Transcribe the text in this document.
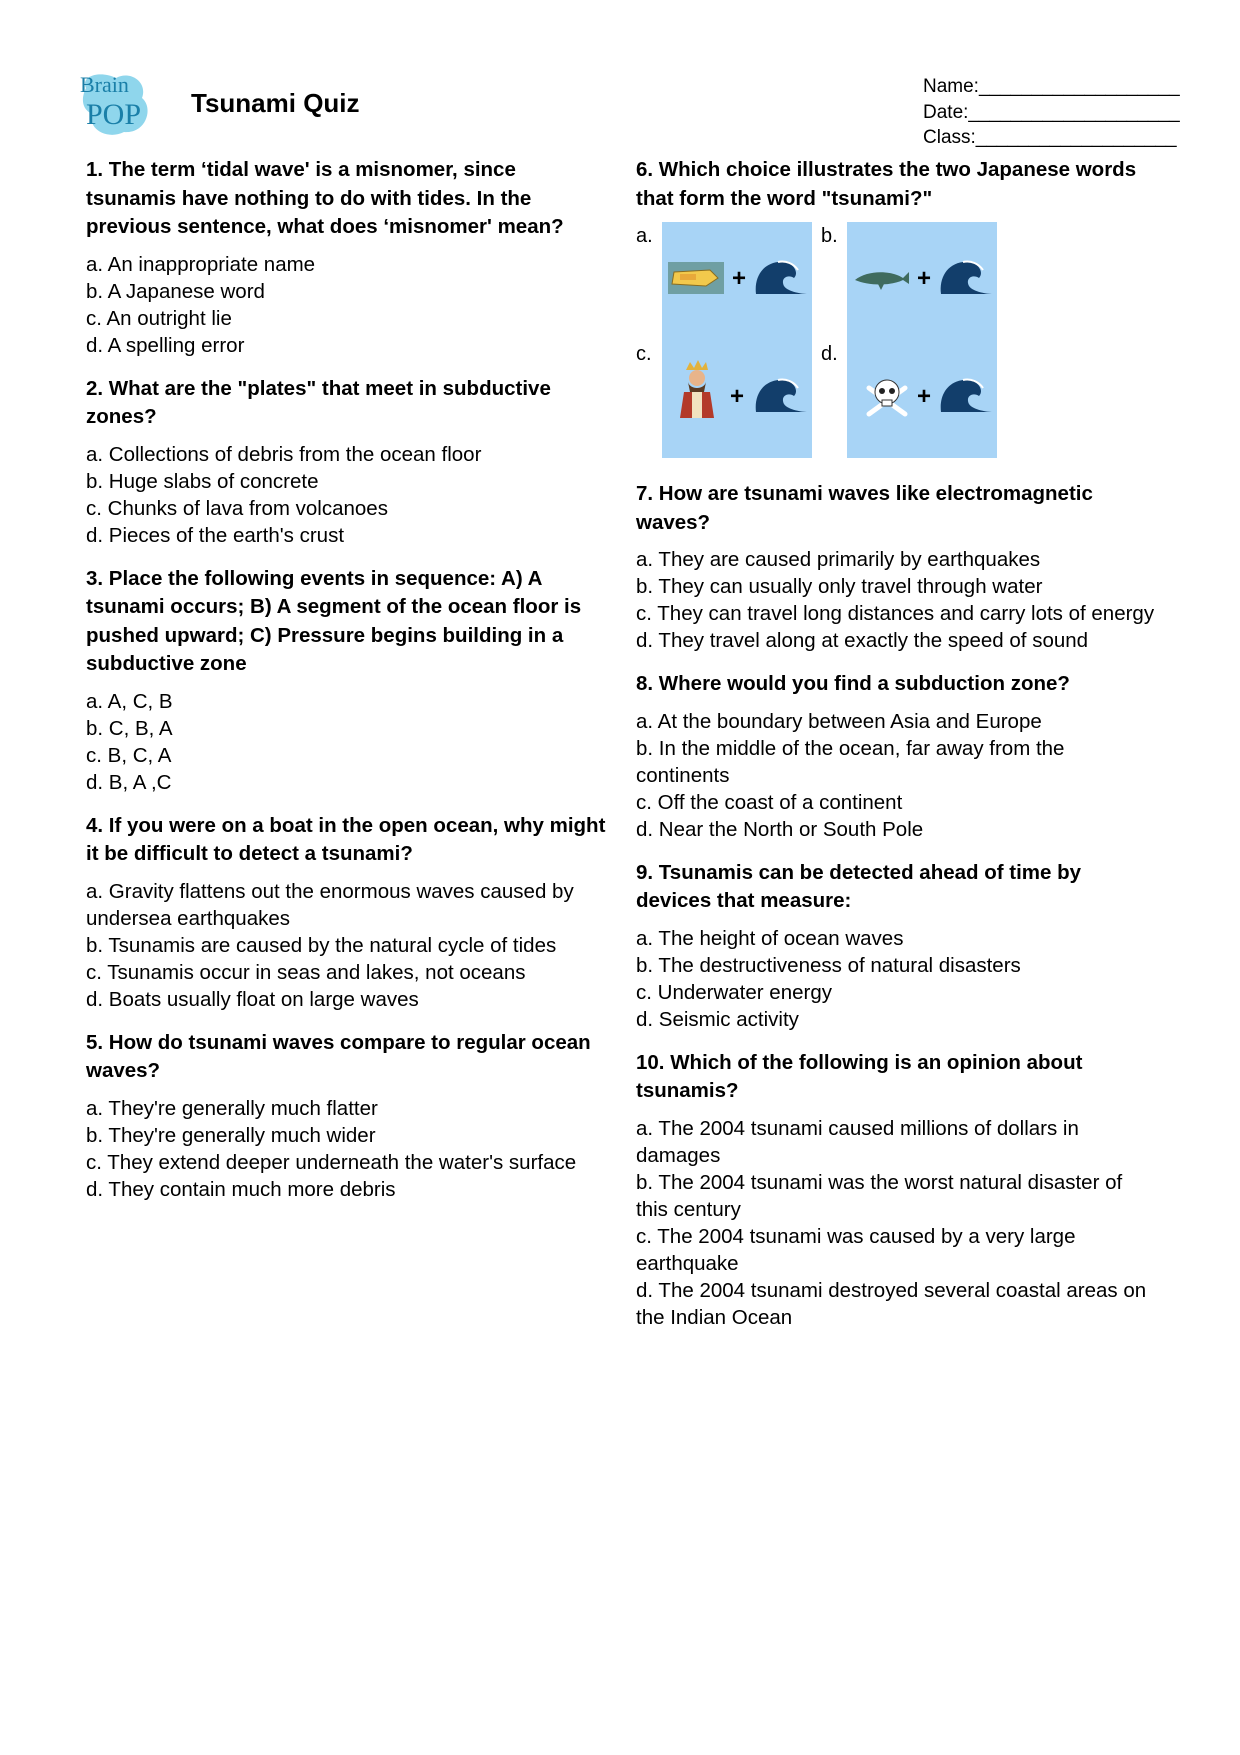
Brain
POP Tsunami Quiz
Name:___________________
Date:____________________
Class:___________________
1. The term ‘tidal wave' is a misnomer, since tsunamis have nothing to do with tides. In the previous sentence, what does ‘misnomer' mean?
a. An inappropriate name
b. A Japanese word
c. An outright lie
d. A spelling error
2. What are the "plates" that meet in subductive zones?
a. Collections of debris from the ocean floor
b. Huge slabs of concrete
c. Chunks of lava from volcanoes
d. Pieces of the earth's crust
3. Place the following events in sequence: A) A tsunami occurs; B) A segment of the ocean floor is pushed upward; C) Pressure begins building in a subductive zone
a. A, C, B
b. C, B, A
c. B, C, A
d. B, A ,C
4. If you were on a boat in the open ocean, why might it be difficult to detect a tsunami?
a. Gravity flattens out the enormous waves caused by undersea earthquakes
b. Tsunamis are caused by the natural cycle of tides
c. Tsunamis occur in seas and lakes, not oceans
d. Boats usually float on large waves
5. How do tsunami waves compare to regular ocean waves?
a. They're generally much flatter
b. They're generally much wider
c. They extend deeper underneath the water's surface
d. They contain much more debris
6. Which choice illustrates the two Japanese words that form the word "tsunami?"
a.
+
b.
+
c.
+
d.
+
7. How are tsunami waves like electromagnetic waves?
a. They are caused primarily by earthquakes
b. They can usually only travel through water
c. They can travel long distances and carry lots of energy
d. They travel along at exactly the speed of sound
8. Where would you find a subduction zone?
a. At the boundary between Asia and Europe
b. In the middle of the ocean, far away from the continents
c. Off the coast of a continent
d. Near the North or South Pole
9. Tsunamis can be detected ahead of time by devices that measure:
a. The height of ocean waves
b. The destructiveness of natural disasters
c. Underwater energy
d. Seismic activity
10. Which of the following is an opinion about tsunamis?
a. The 2004 tsunami caused millions of dollars in damages
b. The 2004 tsunami was the worst natural disaster of this century
c. The 2004 tsunami was caused by a very large earthquake
d. The 2004 tsunami destroyed several coastal areas on the Indian Ocean
